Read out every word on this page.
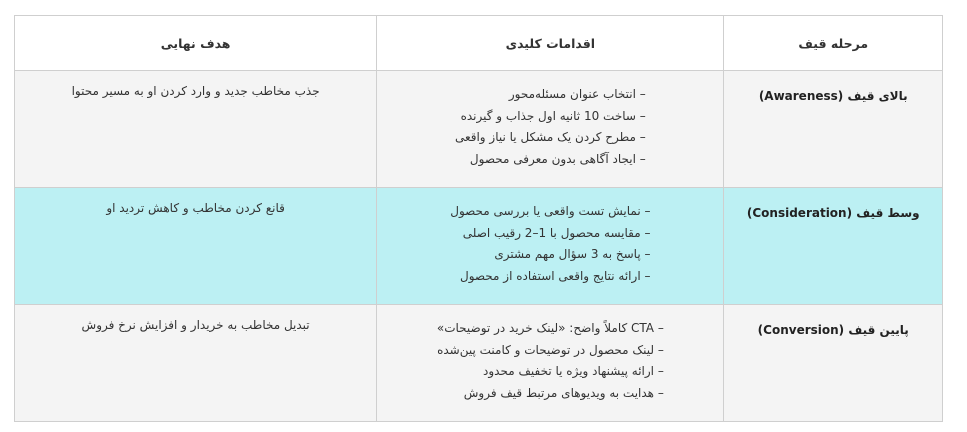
مرحله قیف
اقدامات کلیدی
هدف نهایی
بالای قیف (Awareness)
– انتخاب عنوان مسئله‌محور
– ساخت 10 ثانیه اول جذاب و گیرنده
– مطرح کردن یک مشکل یا نیاز واقعی
– ایجاد آگاهی بدون معرفی محصول
جذب مخاطب جدید و وارد کردن او به مسیر محتوا
وسط قیف (Consideration)
– نمایش تست واقعی یا بررسی محصول
– مقایسه محصول با 1–2 رقیب اصلی
– پاسخ به 3 سؤال مهم مشتری
– ارائه نتایج واقعی استفاده از محصول
قانع کردن مخاطب و کاهش تردید او
پایین قیف (Conversion)
– CTA کاملاً واضح: «لینک خرید در توضیحات»
– لینک محصول در توضیحات و کامنت پین‌شده
– ارائه پیشنهاد ویژه یا تخفیف محدود
– هدایت به ویدیوهای مرتبط قیف فروش
تبدیل مخاطب به خریدار و افزایش نرخ فروش
